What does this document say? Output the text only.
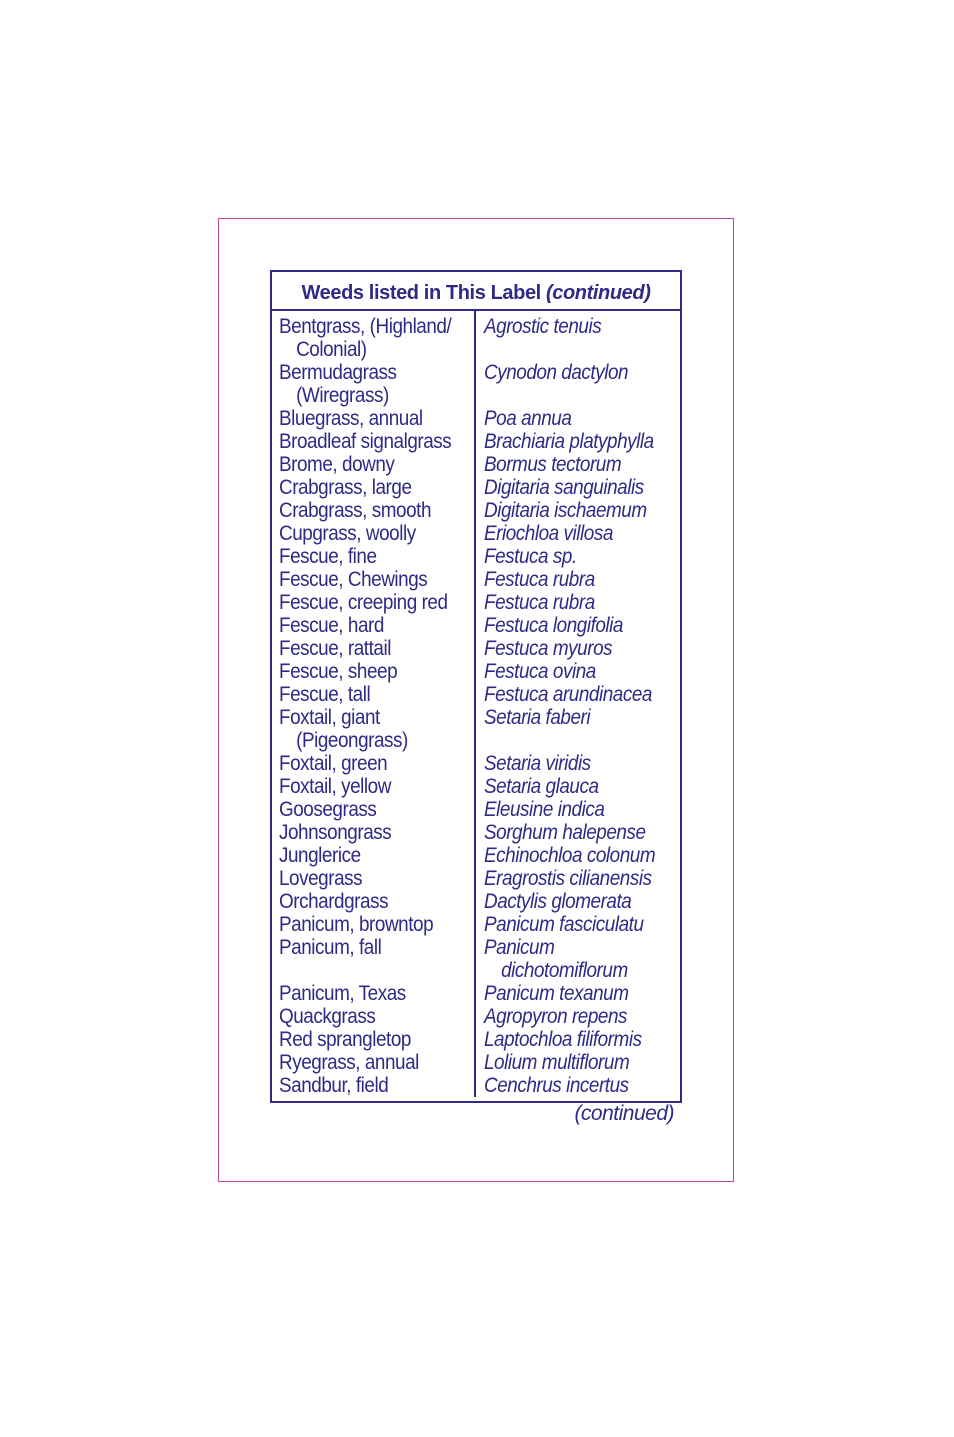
Weeds listed in This Label (continued)
Bentgrass, (Highland/
Colonial)
Bermudagrass
(Wiregrass)
Bluegrass, annual
Broadleaf signalgrass
Brome, downy
Crabgrass, large
Crabgrass, smooth
Cupgrass, woolly
Fescue, fine
Fescue, Chewings
Fescue, creeping red
Fescue, hard
Fescue, rattail
Fescue, sheep
Fescue, tall
Foxtail, giant
(Pigeongrass)
Foxtail, green
Foxtail, yellow
Goosegrass
Johnsongrass
Junglerice
Lovegrass
Orchardgrass
Panicum, browntop
Panicum, fall
Panicum, Texas
Quackgrass
Red sprangletop
Ryegrass, annual
Sandbur, field
Agrostic tenuis
Cynodon dactylon
Poa annua
Brachiaria platyphylla
Bormus tectorum
Digitaria sanguinalis
Digitaria ischaemum
Eriochloa villosa
Festuca sp.
Festuca rubra
Festuca rubra
Festuca longifolia
Festuca myuros
Festuca ovina
Festuca arundinacea
Setaria faberi
Setaria viridis
Setaria glauca
Eleusine indica
Sorghum halepense
Echinochloa colonum
Eragrostis cilianensis
Dactylis glomerata
Panicum fasciculatu
Panicum
dichotomiflorum
Panicum texanum
Agropyron repens
Laptochloa filiformis
Lolium multiflorum
Cenchrus incertus
(continued)
